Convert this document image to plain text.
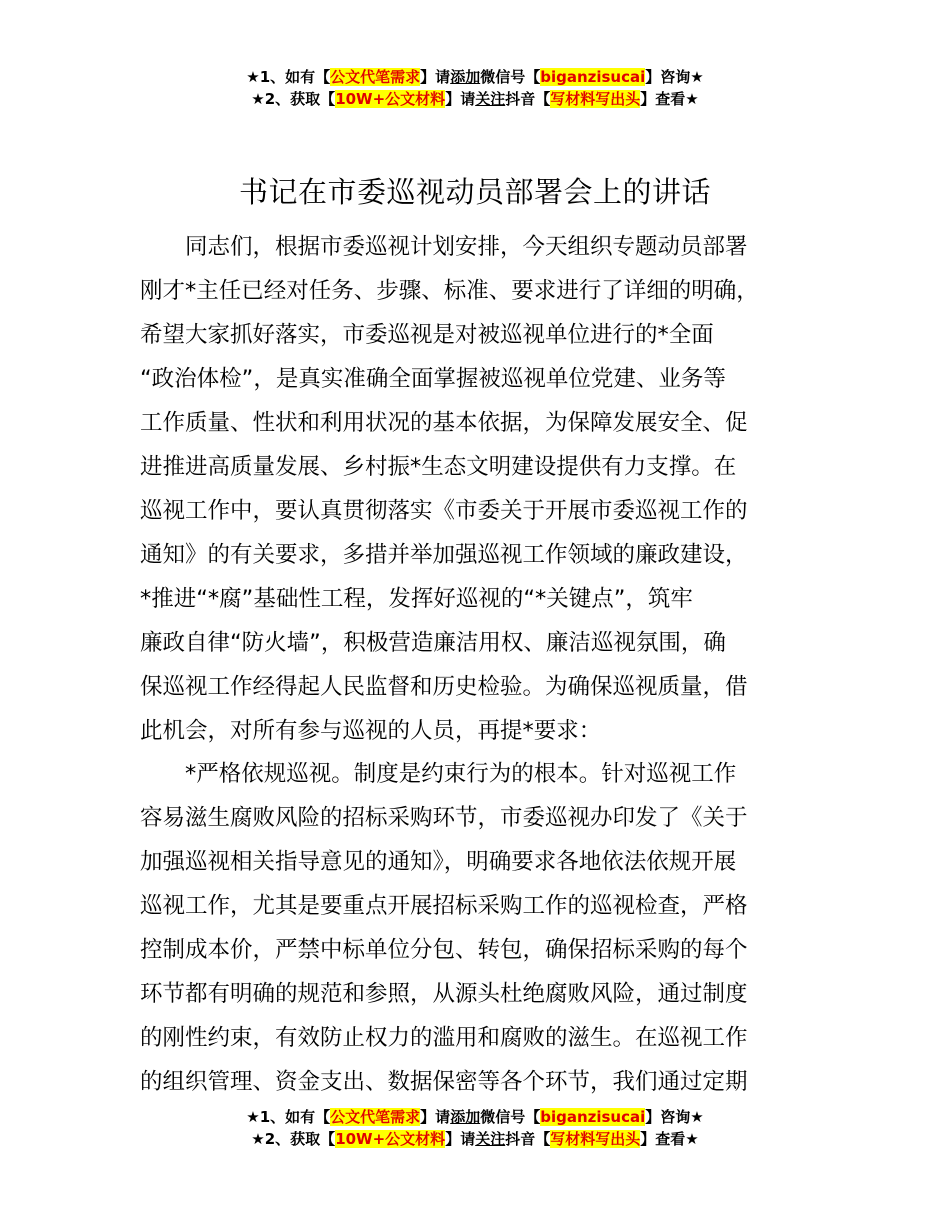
★1、如有【公文代笔需求】请添加微信号【biganzisucai】咨询★
★2、获取【10W+公文材料】请关注抖音【写材料写出头】查看★
书记在市委巡视动员部署会上的讲话
　　同志们，根据市委巡视计划安排，今天组织专题动员部署
刚才*主任已经对任务、步骤、标准、要求进行了详细的明确，
希望大家抓好落实，市委巡视是对被巡视单位进行的*全面
“政治体检”，是真实准确全面掌握被巡视单位党建、业务等
工作质量、性状和利用状况的基本依据，为保障发展安全、促
进推进高质量发展、乡村振*生态文明建设提供有力支撑。在
巡视工作中，要认真贯彻落实《市委关于开展市委巡视工作的
通知》的有关要求，多措并举加强巡视工作领域的廉政建设，
*推进“*腐”基础性工程，发挥好巡视的“*关键点”，筑牢
廉政自律“防火墙”，积极营造廉洁用权、廉洁巡视氛围，确
保巡视工作经得起人民监督和历史检验。为确保巡视质量，借
此机会，对所有参与巡视的人员，再提*要求：
　　*严格依规巡视。制度是约束行为的根本。针对巡视工作
容易滋生腐败风险的招标采购环节，市委巡视办印发了《关于
加强巡视相关指导意见的通知》，明确要求各地依法依规开展
巡视工作，尤其是要重点开展招标采购工作的巡视检查，严格
控制成本价，严禁中标单位分包、转包，确保招标采购的每个
环节都有明确的规范和参照，从源头杜绝腐败风险，通过制度
的刚性约束，有效防止权力的滥用和腐败的滋生。在巡视工作
的组织管理、资金支出、数据保密等各个环节，我们通过定期
★1、如有【公文代笔需求】请添加微信号【biganzisucai】咨询★
★2、获取【10W+公文材料】请关注抖音【写材料写出头】查看★
